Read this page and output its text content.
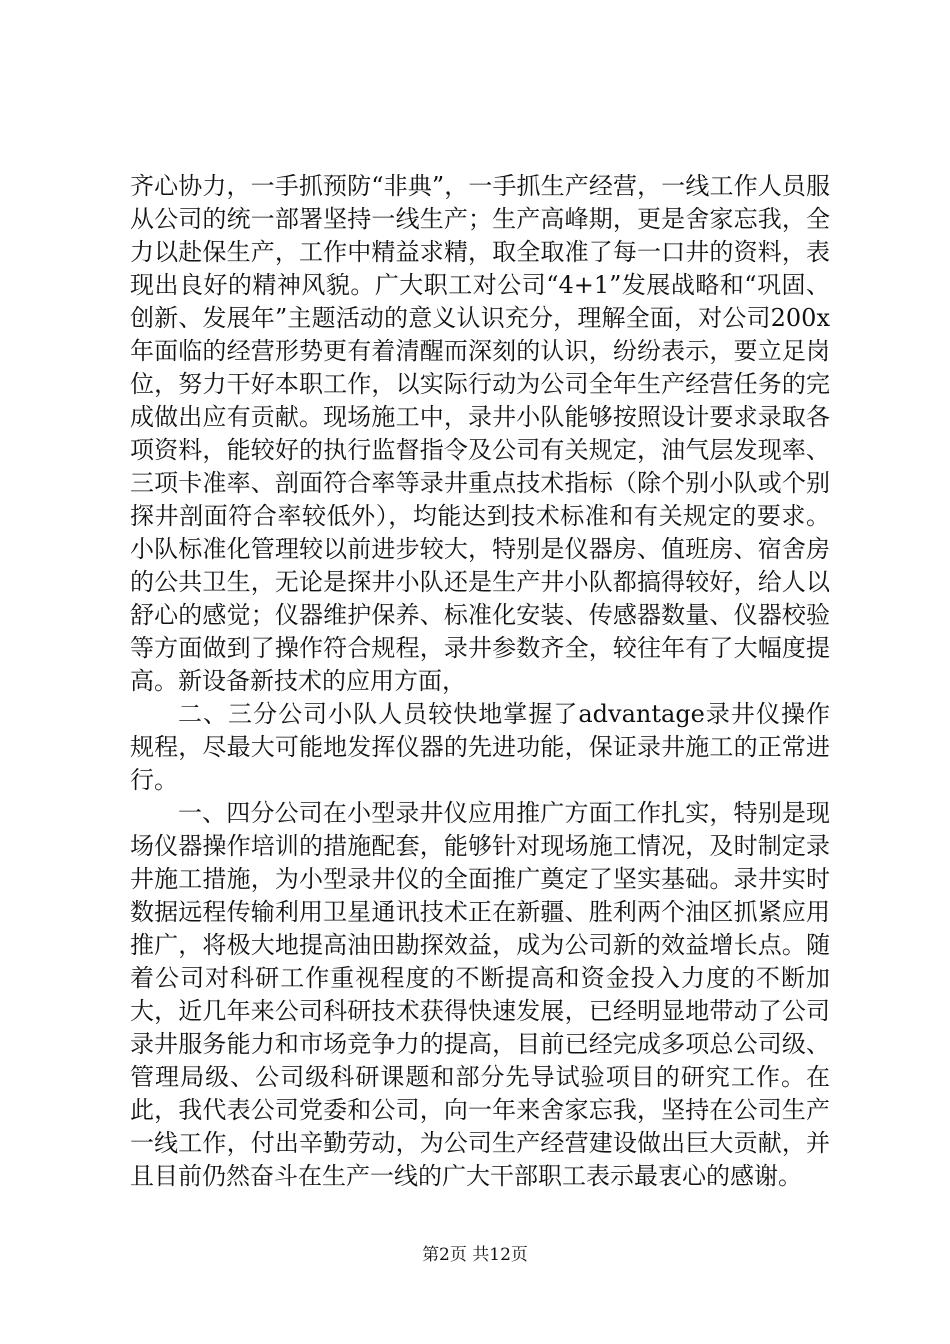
齐心协力，一手抓预防“非典”，一手抓生产经营，一线工作人员服从公司的统一部署坚持一线生产；生产高峰期，更是舍家忘我，全力以赴保生产，工作中精益求精，取全取准了每一口井的资料，表现出良好的精神风貌。广大职工对公司“4+1”发展战略和“巩固、创新、发展年”主题活动的意义认识充分，理解全面，对公司200x年面临的经营形势更有着清醒而深刻的认识，纷纷表示，要立足岗位，努力干好本职工作，以实际行动为公司全年生产经营任务的完成做出应有贡献。现场施工中，录井小队能够按照设计要求录取各项资料，能较好的执行监督指令及公司有关规定，油气层发现率、三项卡准率、剖面符合率等录井重点技术指标（除个别小队或个别探井剖面符合率较低外），均能达到技术标准和有关规定的要求。小队标准化管理较以前进步较大，特别是仪器房、值班房、宿舍房的公共卫生，无论是探井小队还是生产井小队都搞得较好，给人以舒心的感觉；仪器维护保养、标准化安装、传感器数量、仪器校验等方面做到了操作符合规程，录井参数齐全，较往年有了大幅度提高。新设备新技术的应用方面，

二、三分公司小队人员较快地掌握了advantage录井仪操作规程，尽最大可能地发挥仪器的先进功能，保证录井施工的正常进行。

一、四分公司在小型录井仪应用推广方面工作扎实，特别是现场仪器操作培训的措施配套，能够针对现场施工情况，及时制定录井施工措施，为小型录井仪的全面推广奠定了坚实基础。录井实时数据远程传输利用卫星通讯技术正在新疆、胜利两个油区抓紧应用推广，将极大地提高油田勘探效益，成为公司新的效益增长点。随着公司对科研工作重视程度的不断提高和资金投入力度的不断加大，近几年来公司科研技术获得快速发展，已经明显地带动了公司录井服务能力和市场竞争力的提高，目前已经完成多项总公司级、管理局级、公司级科研课题和部分先导试验项目的研究工作。在此，我代表公司党委和公司，向一年来舍家忘我，坚持在公司生产一线工作，付出辛勤劳动，为公司生产经营建设做出巨大贡献，并且目前仍然奋斗在生产一线的广大干部职工表示最衷心的感谢。

第2页 共12页
